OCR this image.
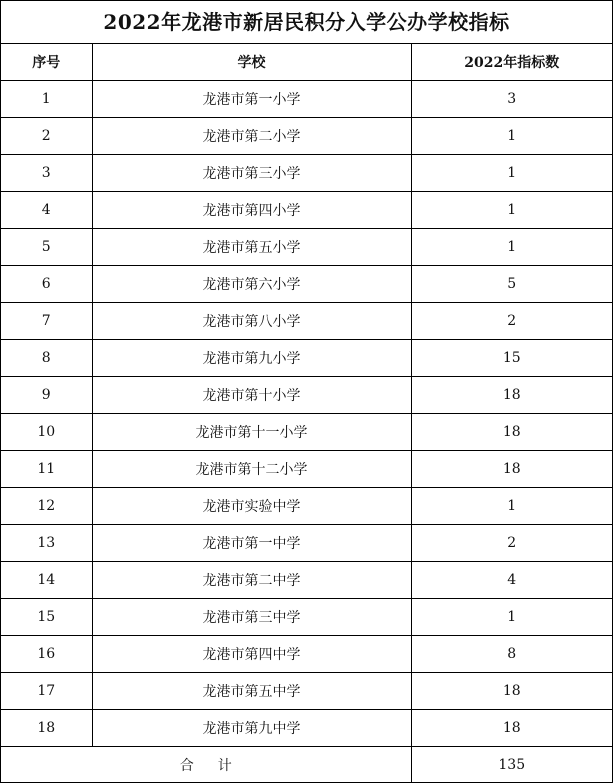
2022年龙港市新居民积分入学公办学校指标
序号	学校	2022年指标数
1	龙港市第一小学	3
2	龙港市第二小学	1
3	龙港市第三小学	1
4	龙港市第四小学	1
5	龙港市第五小学	1
6	龙港市第六小学	5
7	龙港市第八小学	2
8	龙港市第九小学	15
9	龙港市第十小学	18
10	龙港市第十一小学	18
11	龙港市第十二小学	18
12	龙港市实验中学	1
13	龙港市第一中学	2
14	龙港市第二中学	4
15	龙港市第三中学	1
16	龙港市第四中学	8
17	龙港市第五中学	18
18	龙港市第九中学	18
合计		135
